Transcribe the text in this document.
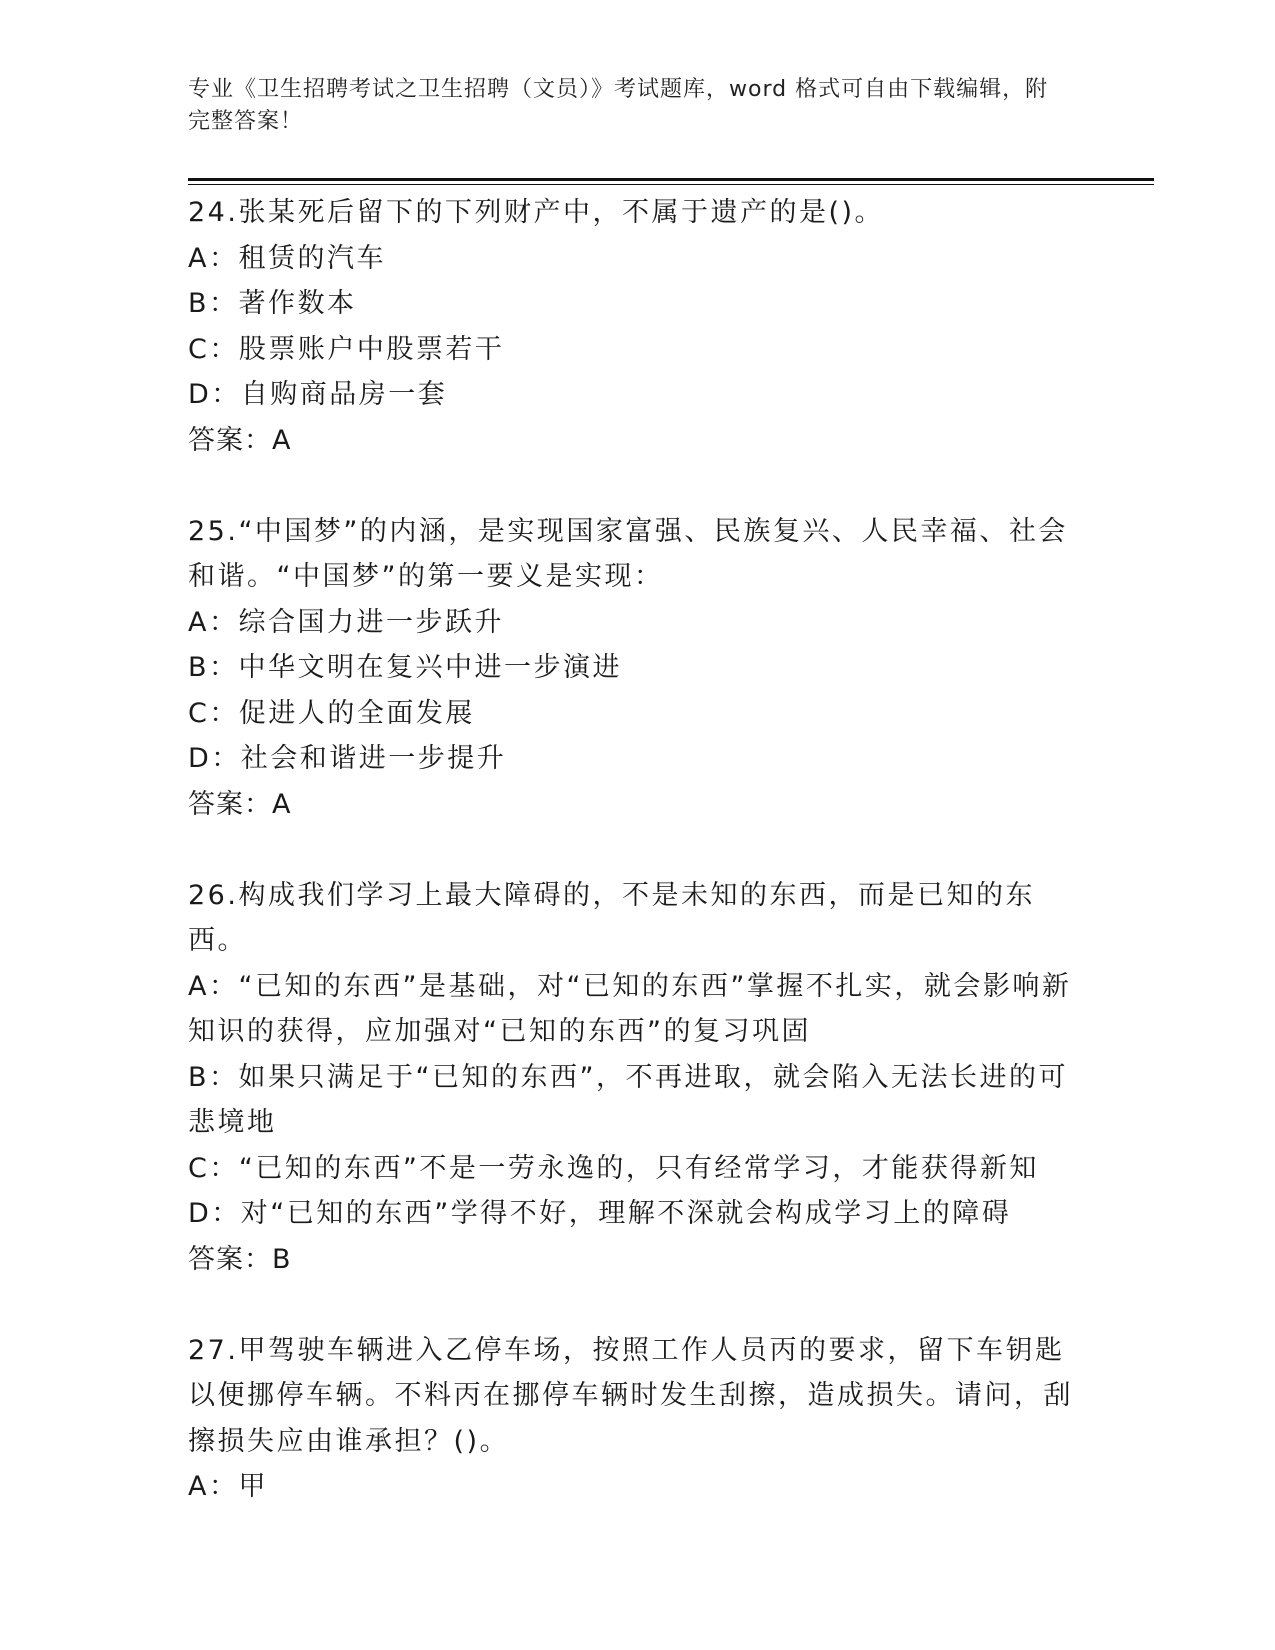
专业《卫生招聘考试之卫生招聘（文员）》考试题库，word 格式可自由下载编辑，附完整答案！
24.张某死后留下的下列财产中，不属于遗产的是()。
A：租赁的汽车
B：著作数本
C：股票账户中股票若干
D：自购商品房一套
答案：A
25.“中国梦”的内涵，是实现国家富强、民族复兴、人民幸福、社会和谐。“中国梦”的第一要义是实现：
A：综合国力进一步跃升
B：中华文明在复兴中进一步演进
C：促进人的全面发展
D：社会和谐进一步提升
答案：A
26.构成我们学习上最大障碍的，不是未知的东西，而是已知的东西。
A：“已知的东西”是基础，对“已知的东西”掌握不扎实，就会影响新知识的获得，应加强对“已知的东西”的复习巩固
B：如果只满足于“已知的东西”，不再进取，就会陷入无法长进的可悲境地
C：“已知的东西”不是一劳永逸的，只有经常学习，才能获得新知
D：对“已知的东西”学得不好，理解不深就会构成学习上的障碍
答案：B
27.甲驾驶车辆进入乙停车场，按照工作人员丙的要求，留下车钥匙以便挪停车辆。不料丙在挪停车辆时发生刮擦，造成损失。请问，刮擦损失应由谁承担？()。
A：甲
